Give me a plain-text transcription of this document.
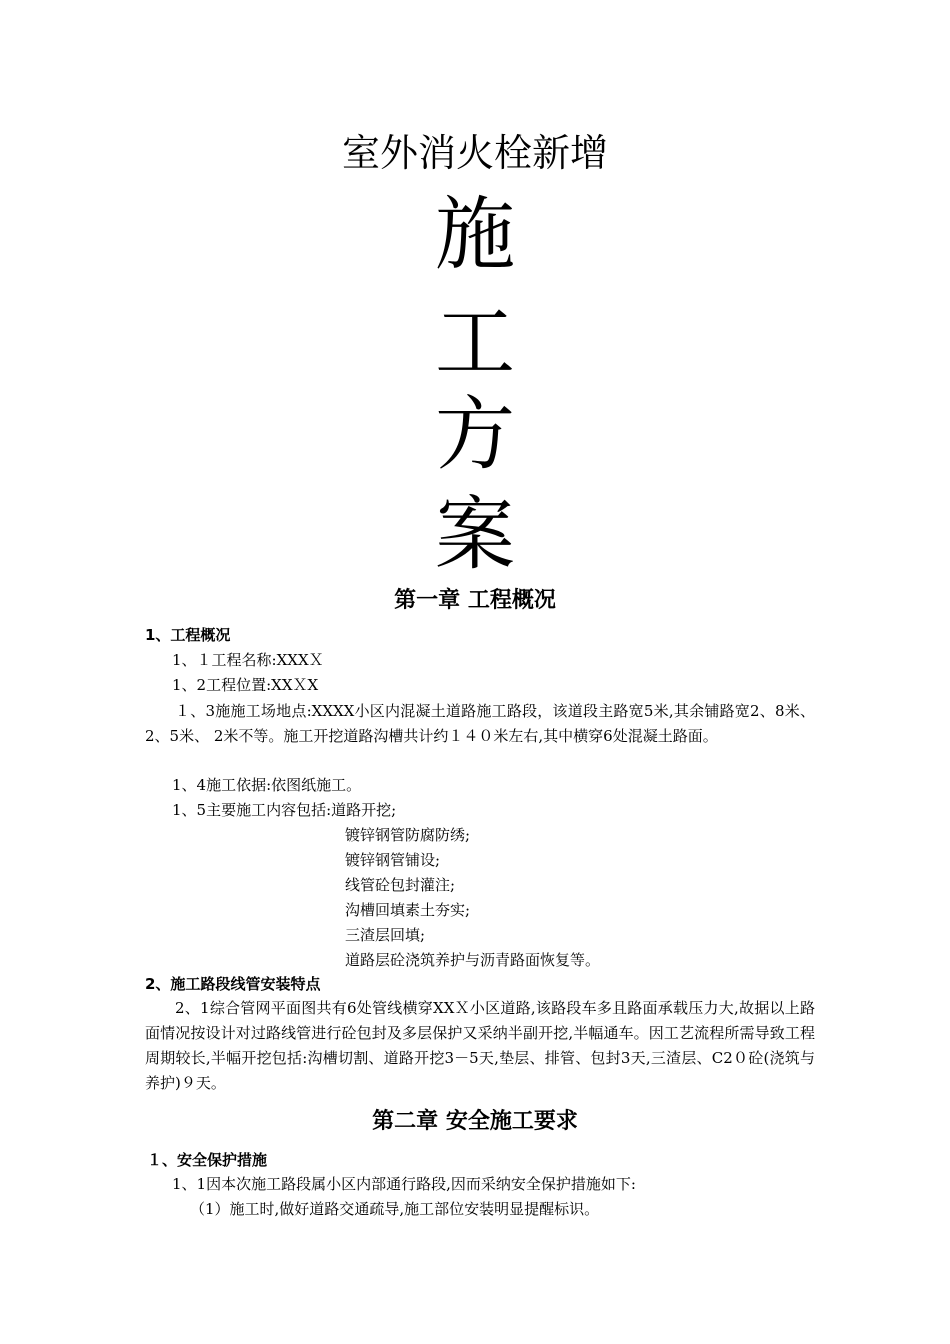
室外消火栓新增
施
工
方
案
第一章 工程概况
1、工程概况
1、１工程名称:XXXＸ
1、2工程位置:XXＸX
１、3施施工场地点:XXXX小区内混凝土道路施工路段，该道段主路宽5米,其余铺路宽2、8米、2、5米、 2米不等。施工开挖道路沟槽共计约１４０米左右,其中横穿6处混凝土路面。
1、4施工依据:依图纸施工。
1、5主要施工内容包括:道路开挖;
镀锌钢管防腐防绣;
镀锌钢管铺设;
线管砼包封灌注;
沟槽回填素土夯实;
三渣层回填;
道路层砼浇筑养护与沥青路面恢复等。
2、施工路段线管安装特点
2、1综合管网平面图共有6处管线横穿XXＸ小区道路,该路段车多且路面承载压力大,故据以上路面情况按设计对过路线管进行砼包封及多层保护又采纳半副开挖,半幅通车。因工艺流程所需导致工程周期较长,半幅开挖包括:沟槽切割、道路开挖3－5天,垫层、排管、包封3天,三渣层、C2０砼(浇筑与养护)９天。
第二章 安全施工要求
１、安全保护措施
1、1因本次施工路段属小区内部通行路段,因而采纳安全保护措施如下:
（1）施工时,做好道路交通疏导,施工部位安装明显提醒标识。
